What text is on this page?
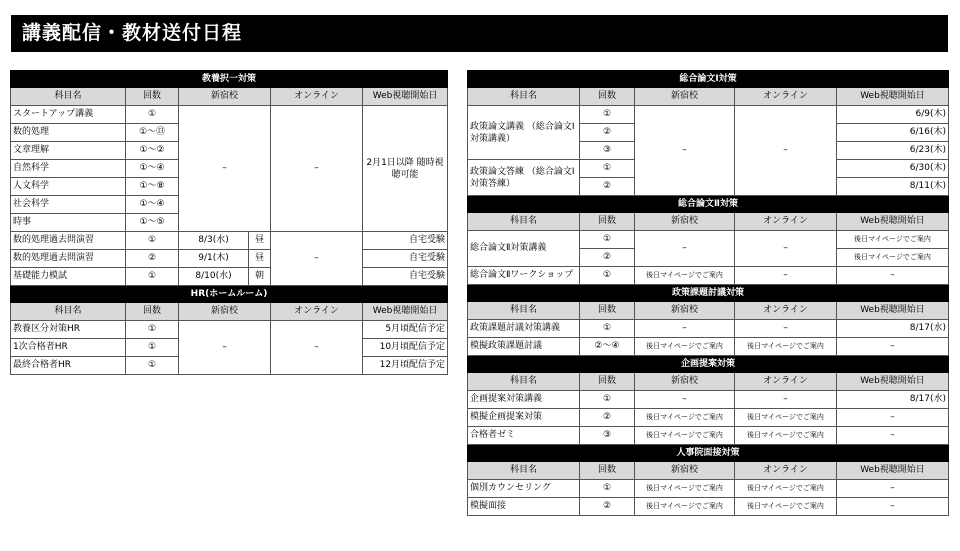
講義配信・教材送付日程
教養択一対策					
科目名	回数	新宿校		オンライン	Web視聴開始日
スタートアップ講義	①	–		–	2月1日以降 随時視聴可能
数的処理	①～⑬				
文章理解	①～②				
自然科学	①～④				
人文科学	①～⑧				
社会科学	①～④				
時事	①～⑤				
数的処理過去問演習	①	8/3(水)	昼	–	自宅受験
数的処理過去問演習	②	9/1(木)	昼		自宅受験
基礎能力模試	①	8/10(水)	朝		自宅受験
HR(ホームルーム)					
科目名	回数	新宿校		オンライン	Web視聴開始日
教養区分対策HR	①	–		–	5月頃配信予定
1次合格者HR	①				10月頃配信予定
最終合格者HR	①				12月頃配信予定
総合論文Ⅰ対策				
科目名	回数	新宿校	オンライン	Web視聴開始日
政策論文講義 （総合論文Ⅰ対策講義）	①	–	–	6/9(木)
	②			6/16(木)
	③			6/23(木)
政策論文答練 （総合論文Ⅰ対策答練）	①			6/30(木)
	②			8/11(木)
総合論文Ⅱ対策				
科目名	回数	新宿校	オンライン	Web視聴開始日
総合論文Ⅱ対策講義	①	–	–	後日マイページでご案内
	②			後日マイページでご案内
総合論文Ⅱワークショップ	①	後日マイページでご案内	–	–
政策課題討議対策				
科目名	回数	新宿校	オンライン	Web視聴開始日
政策課題討議対策講義	①	–	–	8/17(水)
模擬政策課題討議	②～④	後日マイページでご案内	後日マイページでご案内	–
企画提案対策				
科目名	回数	新宿校	オンライン	Web視聴開始日
企画提案対策講義	①	–	–	8/17(水)
模擬企画提案対策	②	後日マイページでご案内	後日マイページでご案内	–
合格者ゼミ	③	後日マイページでご案内	後日マイページでご案内	–
人事院面接対策				
科目名	回数	新宿校	オンライン	Web視聴開始日
個別カウンセリング	①	後日マイページでご案内	後日マイページでご案内	–
模擬面接	②	後日マイページでご案内	後日マイページでご案内	–
